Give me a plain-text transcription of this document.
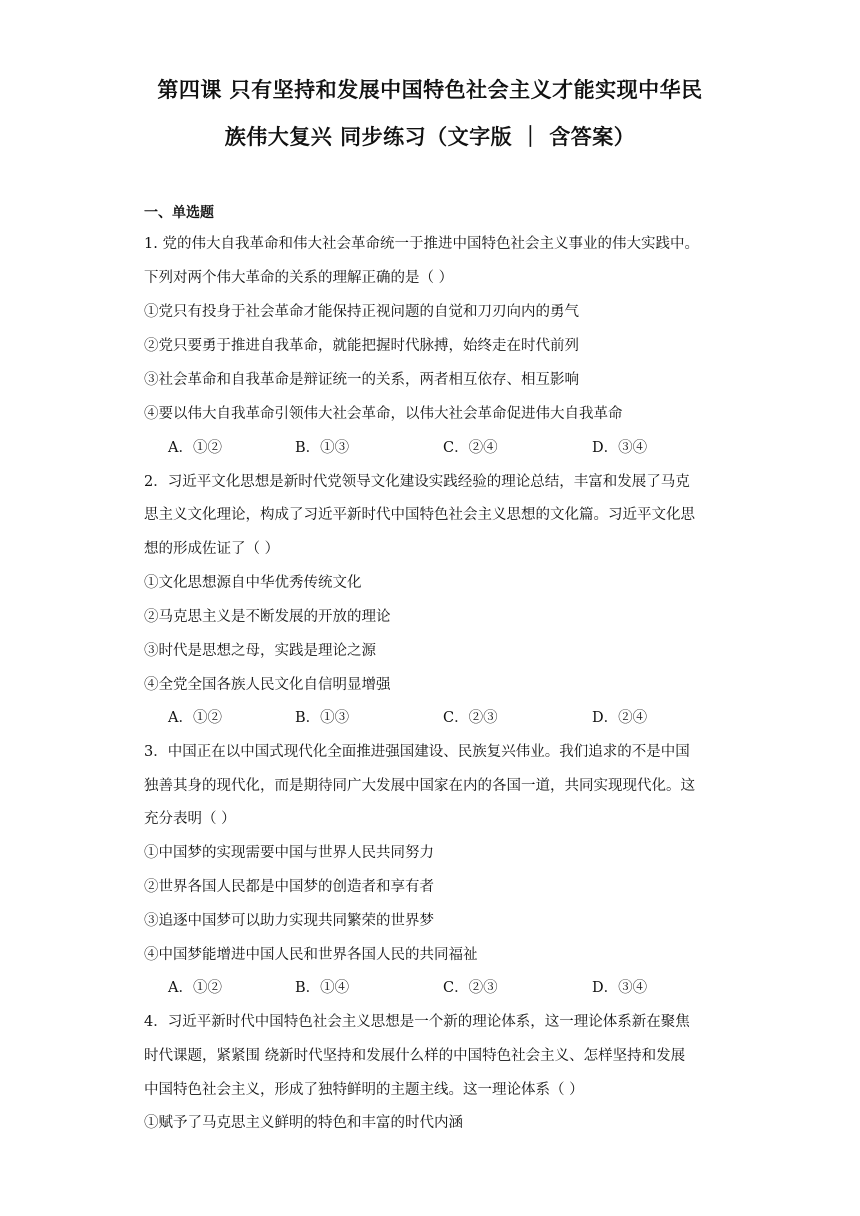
第四课 只有坚持和发展中国特色社会主义才能实现中华民
族伟大复兴 同步练习（文字版 ｜ 含答案）
一、单选题
1. 党的伟大自我革命和伟大社会革命统一于推进中国特色社会主义事业的伟大实践中。
下列对两个伟大革命的关系的理解正确的是（ ）
①党只有投身于社会革命才能保持正视问题的自觉和刀刃向内的勇气
②党只要勇于推进自我革命，就能把握时代脉搏，始终走在时代前列
③社会革命和自我革命是辩证统一的关系，两者相互依存、相互影响
④要以伟大自我革命引领伟大社会革命，以伟大社会革命促进伟大自我革命
A．①②	B．①③	C．②④	D．③④
2．习近平文化思想是新时代党领导文化建设实践经验的理论总结，丰富和发展了马克
思主义文化理论，构成了习近平新时代中国特色社会主义思想的文化篇。习近平文化思
想的形成佐证了（ ）
①文化思想源自中华优秀传统文化
②马克思主义是不断发展的开放的理论
③时代是思想之母，实践是理论之源
④全党全国各族人民文化自信明显增强
A．①②	B．①③	C．②③	D．②④
3．中国正在以中国式现代化全面推进强国建设、民族复兴伟业。我们追求的不是中国
独善其身的现代化，而是期待同广大发展中国家在内的各国一道，共同实现现代化。这
充分表明（ ）
①中国梦的实现需要中国与世界人民共同努力
②世界各国人民都是中国梦的创造者和享有者
③追逐中国梦可以助力实现共同繁荣的世界梦
④中国梦能增进中国人民和世界各国人民的共同福祉
A．①②	B．①④	C．②③	D．③④
4．习近平新时代中国特色社会主义思想是一个新的理论体系，这一理论体系新在聚焦
时代课题，紧紧围 绕新时代坚持和发展什么样的中国特色社会主义、怎样坚持和发展
中国特色社会主义，形成了独特鲜明的主题主线。这一理论体系（ ）
①赋予了马克思主义鲜明的特色和丰富的时代内涵
